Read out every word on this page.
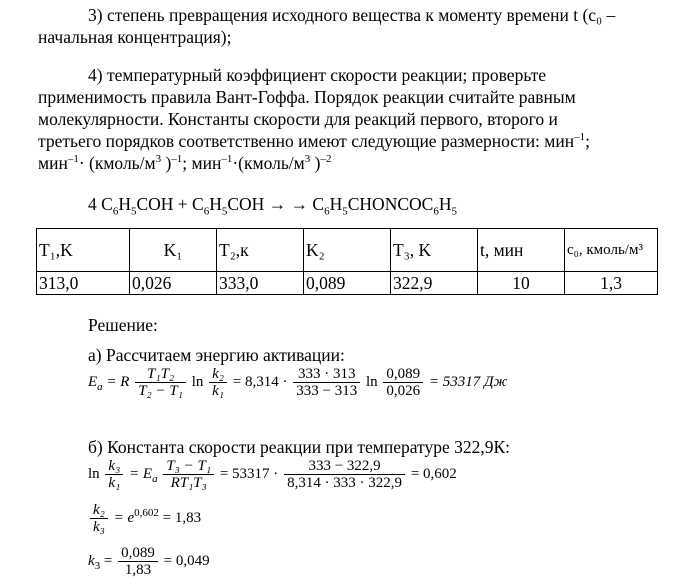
3) степень превращения исходного вещества к моменту времени t (c₀ – начальная концентрация);
4) температурный коэффициент скорости реакции; проверьте
применимость правила Вант-Гоффа. Порядок реакции считайте равным
молекулярности. Константы скорости для реакций первого, второго и
третьего порядков соответственно имеют следующие размерности: мин$^{-1}$;
$мин^{-1}\cdot (кмоль/м^3$ )$^{-1}$; $мин^{-1}\cdot(кмоль/м^3$ )$^{-2}$
4 $C_6H_5COH + C_6H_5COH$ → → $C_6H_5CHONCOC_6H_5$
T₁,K	K₁	T₂,к	K₂	T₃, K	t, мин	c₀, кмоль/м³
313,0	0,026	333,0	0,089	322,9	10	1,3
Решение:
а) Рассчитаем энергию активации:
$E_a = R \frac{\text{T₁T₂}}{\text{T₂ − T₁}}$ $\ln \frac{\text{k₂}}{\text{k₁}} = 8,314 \cdot \frac{333 \cdot 313}{333 - 313}$ $\ln \frac{0,089}{0,026} = 53317$ Дж
б) Константа скорости реакции при температуре 322,9К:
$\ln \frac{\text{k₃}}{\text{k₁}} = E_a \frac{\text{T₃ − T₁}}{\text{RT₁T₃}} = 53317 \cdot \frac{333 - 322,9}{8,314 \cdot 333 \cdot 322,9} = 0,602$
$\frac{\text{k₂}}{\text{k₃}} = e^{0,602} = 1,83$
$k_3 = \frac{0,089}{1,83} = 0,049$
